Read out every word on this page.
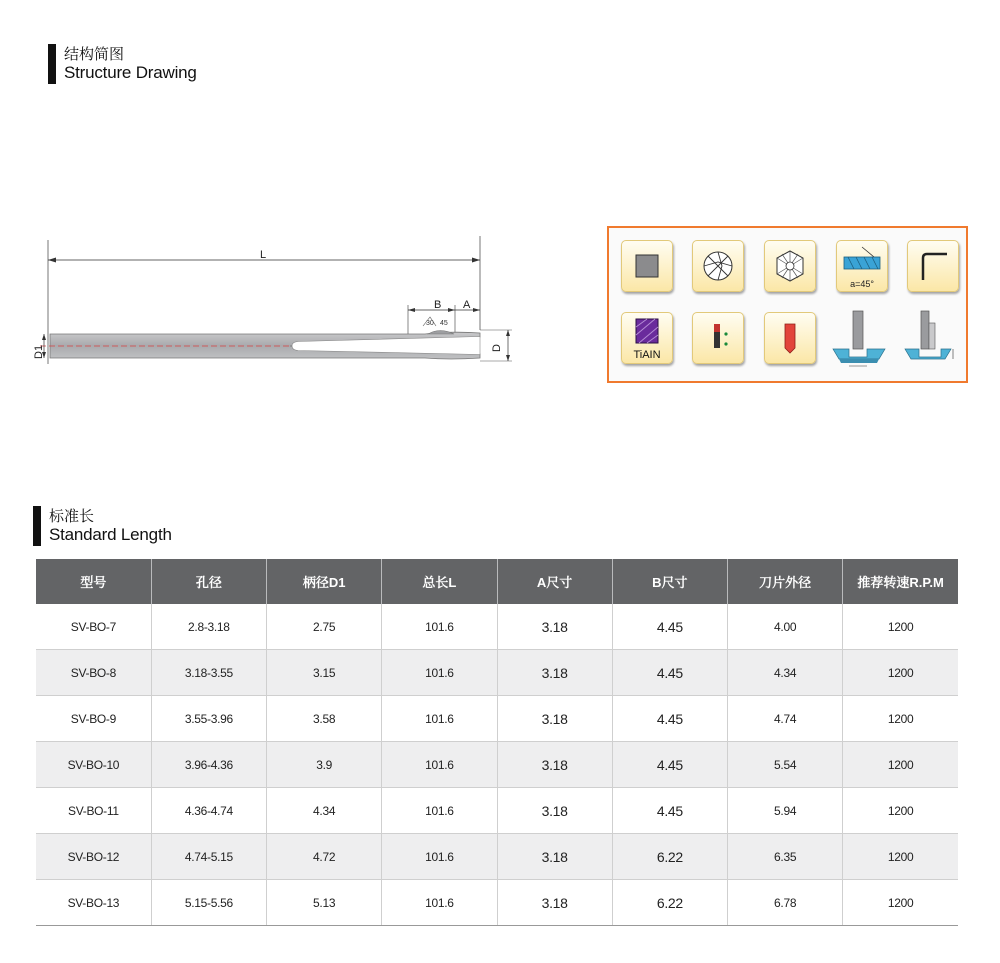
结构简图
Structure Drawing
L
B A
30 45
D1	D
a=45°
TiAIN
标准长
Standard Length
型号	孔径	柄径D1	总长L	A尺寸	B尺寸	刀片外径	推荐转速R.P.M
SV-BO-7	2.8-3.18	2.75	101.6	3.18	4.45	4.00	1200
SV-BO-8	3.18-3.55	3.15	101.6	3.18	4.45	4.34	1200
SV-BO-9	3.55-3.96	3.58	101.6	3.18	4.45	4.74	1200
SV-BO-10	3.96-4.36	3.9	101.6	3.18	4.45	5.54	1200
SV-BO-11	4.36-4.74	4.34	101.6	3.18	4.45	5.94	1200
SV-BO-12	4.74-5.15	4.72	101.6	3.18	6.22	6.35	1200
SV-BO-13	5.15-5.56	5.13	101.6	3.18	6.22	6.78	1200
